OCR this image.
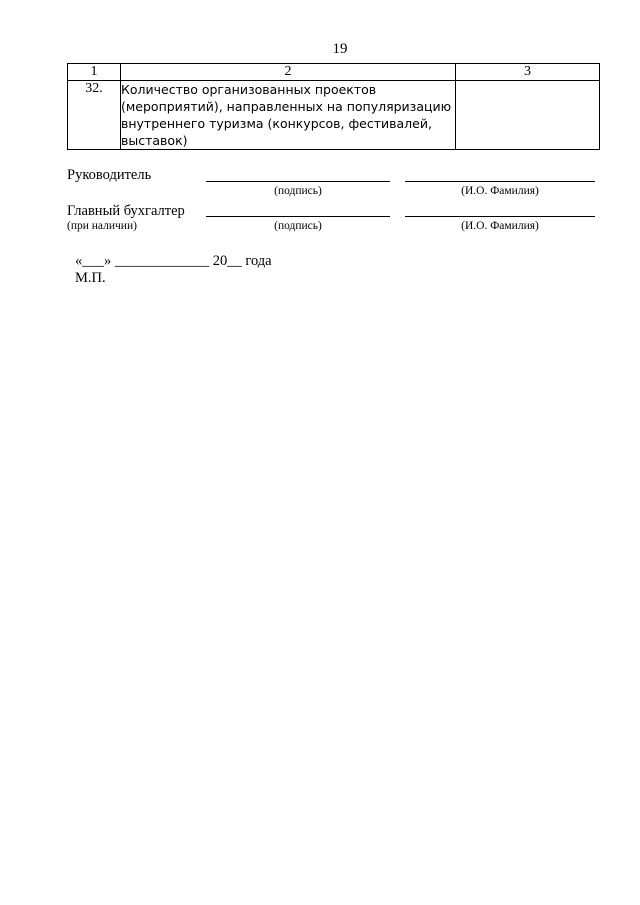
19
1	2	3
32.	Количество организованных проектов
(мероприятий), направленных на популяризацию
внутреннего туризма (конкурсов, фестивалей,
выставок)	

Руководитель
(подпись)	(И.О. Фамилия)
Главный бухгалтер
(при наличии)	(подпись)	(И.О. Фамилия)
«___» _____________ 20__ года
М.П.
